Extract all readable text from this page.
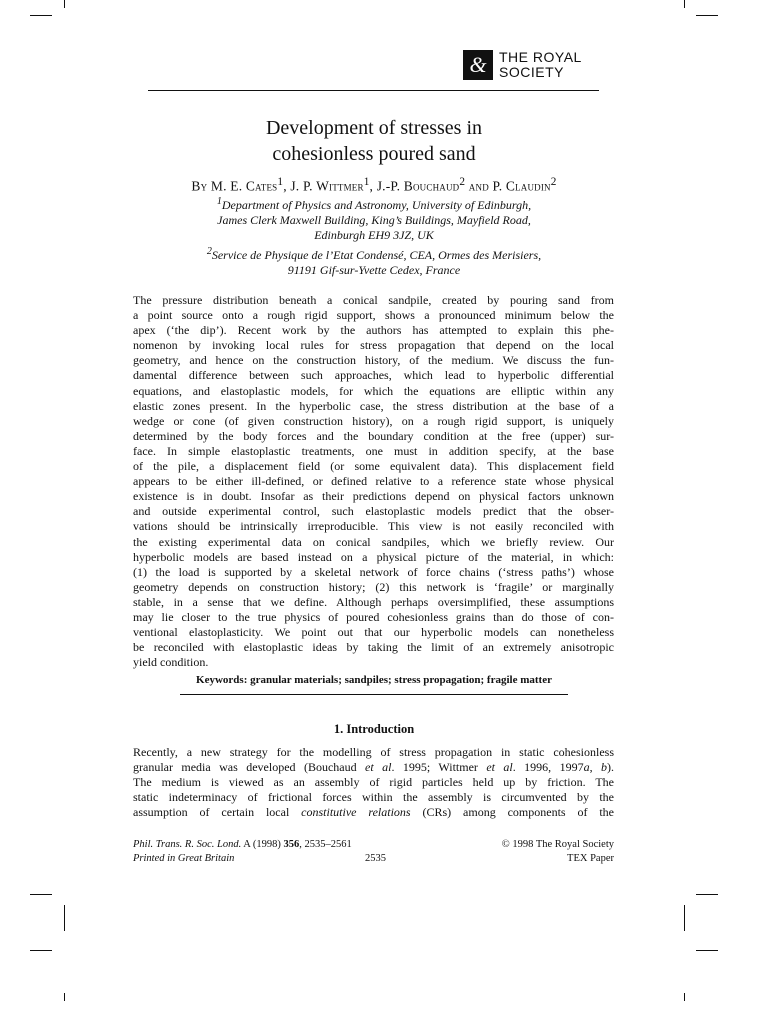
& THE ROYAL
SOCIETY
Development of stresses in
cohesionless poured sand
By M. E. Cates$^1$, J. P. Wittmer$^1$, J.-P. Bouchaud$^2$ and P. Claudin$^2$
$^1$Department of Physics and Astronomy, University of Edinburgh,
James Clerk Maxwell Building, King’s Buildings, Mayfield Road,
Edinburgh EH9 3JZ, UK
$^2$Service de Physique de l’Etat Condensé, CEA, Ormes des Merisiers,
91191 Gif-sur-Yvette Cedex, France
The pressure distribution beneath a conical sandpile, created by pouring sand from
a point source onto a rough rigid support, shows a pronounced minimum below the
apex (‘the dip’). Recent work by the authors has attempted to explain this phe-
nomenon by invoking local rules for stress propagation that depend on the local
geometry, and hence on the construction history, of the medium. We discuss the fun-
damental difference between such approaches, which lead to hyperbolic differential
equations, and elastoplastic models, for which the equations are elliptic within any
elastic zones present. In the hyperbolic case, the stress distribution at the base of a
wedge or cone (of given construction history), on a rough rigid support, is uniquely
determined by the body forces and the boundary condition at the free (upper) sur-
face. In simple elastoplastic treatments, one must in addition specify, at the base
of the pile, a displacement field (or some equivalent data). This displacement field
appears to be either ill-defined, or defined relative to a reference state whose physical
existence is in doubt. Insofar as their predictions depend on physical factors unknown
and outside experimental control, such elastoplastic models predict that the obser-
vations should be intrinsically irreproducible. This view is not easily reconciled with
the existing experimental data on conical sandpiles, which we briefly review. Our
hyperbolic models are based instead on a physical picture of the material, in which:
(1) the load is supported by a skeletal network of force chains (‘stress paths’) whose
geometry depends on construction history; (2) this network is ‘fragile’ or marginally
stable, in a sense that we define. Although perhaps oversimplified, these assumptions
may lie closer to the true physics of poured cohesionless grains than do those of con-
ventional elastoplasticity. We point out that our hyperbolic models can nonetheless
be reconciled with elastoplastic ideas by taking the limit of an extremely anisotropic
yield condition.
Keywords: granular materials; sandpiles; stress propagation; fragile matter
1. Introduction
Recently, a new strategy for the modelling of stress propagation in static cohesionless
granular media was developed (Bouchaud et al. 1995; Wittmer et al. 1996, 1997a, b).
The medium is viewed as an assembly of rigid particles held up by friction. The
static indeterminacy of frictional forces within the assembly is circumvented by the
assumption of certain local constitutive relations (CRs) among components of the
Phil. Trans. R. Soc. Lond. A (1998) 356, 2535–2561	© 1998 The Royal Society
Printed in Great Britain	2535	TEX Paper
